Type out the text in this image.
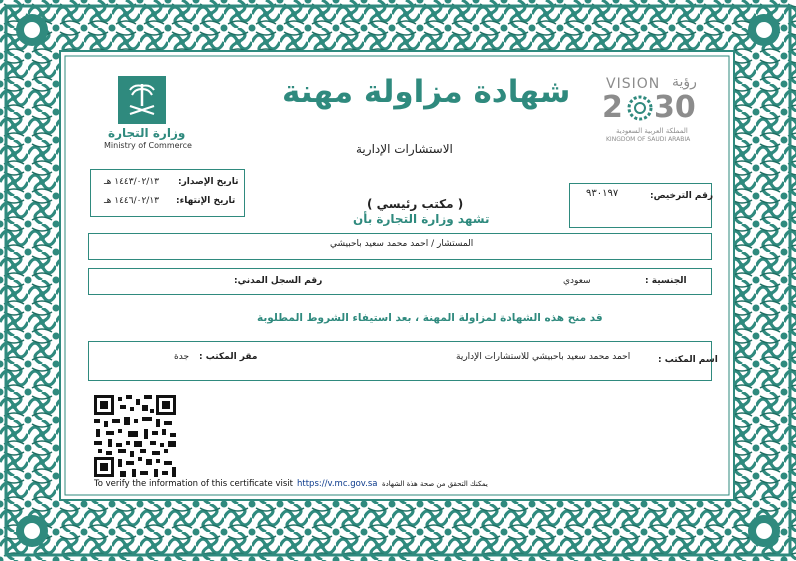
وزارة التجارة
Ministry of Commerce
شهادة مزاولة مهنة
الاستشارات الإدارية
VISION رؤية
2 30
المملكة العربية السعودية
KINGDOM OF SAUDI ARABIA
تاريخ الإصدار:
١٤٤٣/٠٢/١٣ هـ
تاريخ الإنتهاء:
١٤٤٦/٠٢/١٣ هـ	رقم الترخيص:
٩٣٠١٩٧
( مكتب رئيسي )
تشهد وزارة التجارة بأن
المستشار / احمد محمد سعيد باحبيشي
الجنسية :
سعودي
رقم السجل المدني:
قد منح هذه الشهادة لمزاولة المهنة ، بعد استيفاء الشروط المطلوبة
اسم المكتب :
احمد محمد سعيد باحبيشي للاستشارات الإدارية
مقر المكتب :
جدة
To verify the information of this certificate visit https://v.mc.gov.sa يمكنك التحقق من صحة هذة الشهادة
